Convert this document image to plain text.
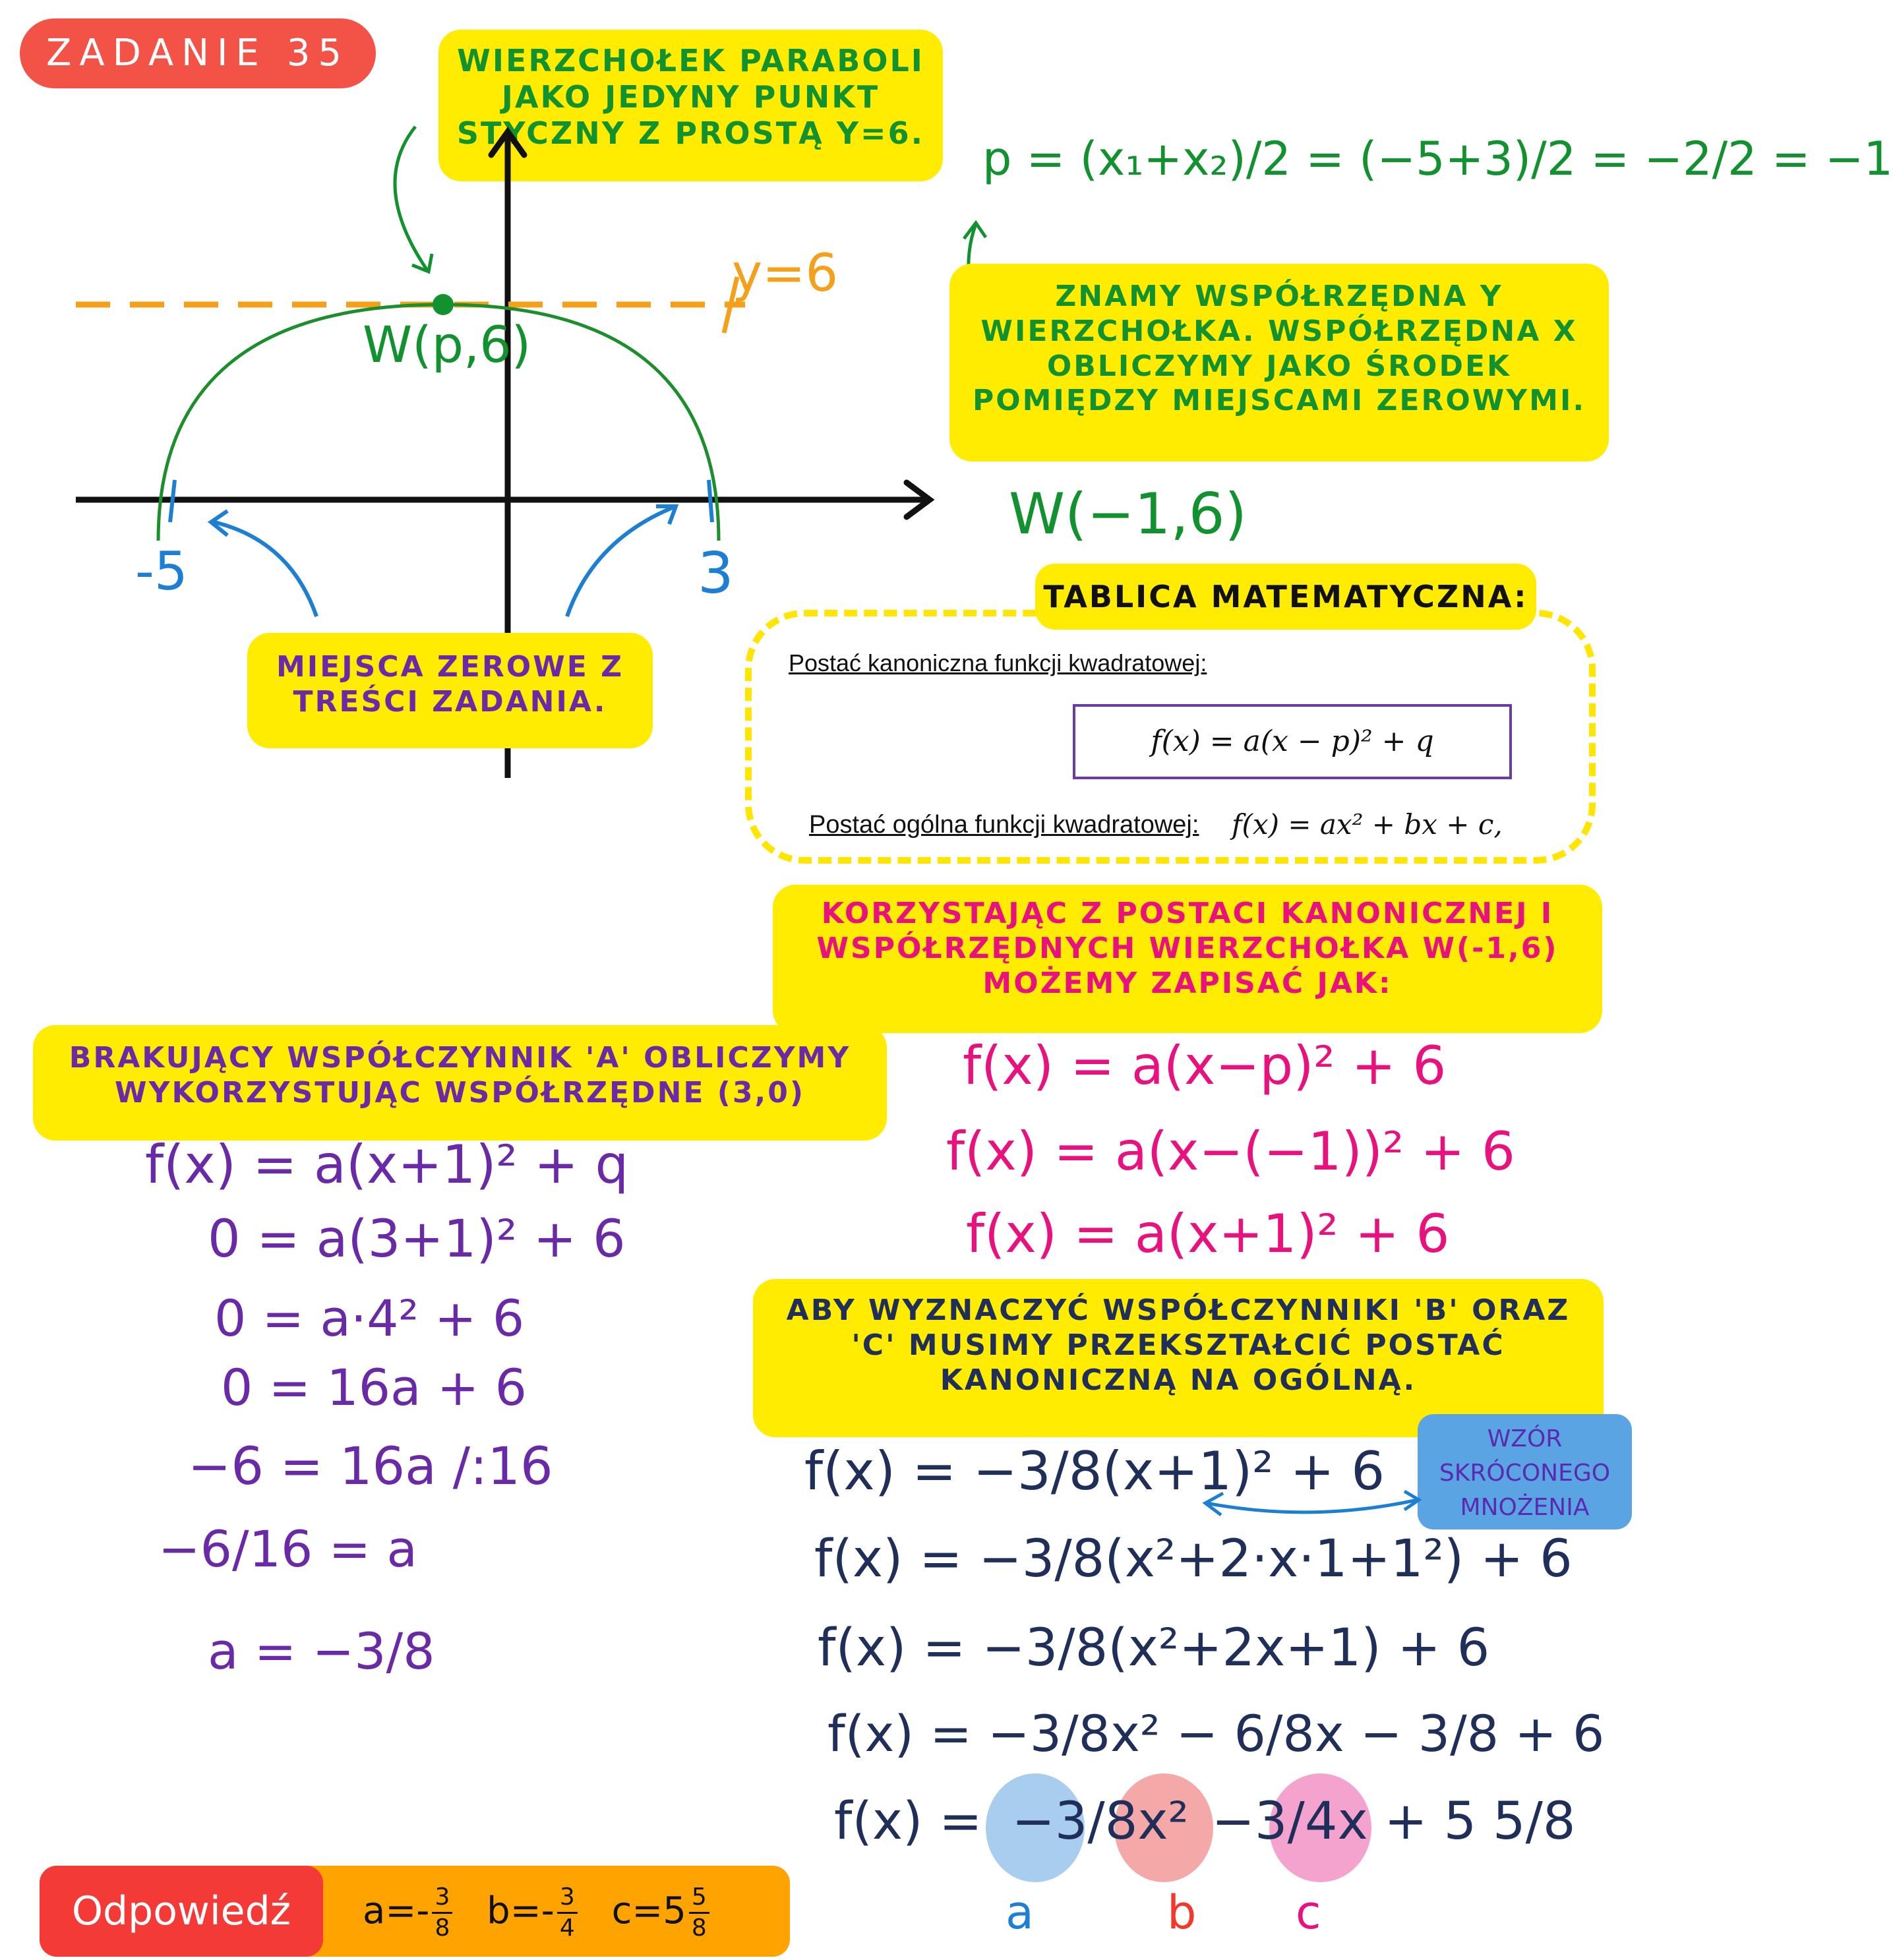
ZADANIE 35	WIERZCHOŁEK PARABOLI
JAKO JEDYNY PUNKT
STYCZNY Z PROSTĄ Y=6.
y=6
W(p,6)
-5	3
MIEJSCA ZEROWE Z
TREŚCI ZADANIA.
p = (x₁+x₂)/2 = (−5+3)/2 = −2/2 = −1
ZNAMY WSPÓŁRZĘDNA Y
WIERZCHOŁKA. WSPÓŁRZĘDNA X
OBLICZYMY JAKO ŚRODEK
POMIĘDZY MIEJSCAMI ZEROWYMI.
W(−1,6)
TABLICA MATEMATYCZNA:
Postać kanoniczna funkcji kwadratowej:
f(x) = a(x − p)² + q
Postać ogólna funkcji kwadratowej: f(x) = ax² + bx + c,
KORZYSTAJĄC Z POSTACI KANONICZNEJ I
WSPÓŁRZĘDNYCH WIERZCHOŁKA W(-1,6)
MOŻEMY ZAPISAĆ JAK:
f(x) = a(x−p)² + 6
f(x) = a(x−(−1))² + 6
f(x) = a(x+1)² + 6
BRAKUJĄCY WSPÓŁCZYNNIK 'A' OBLICZYMY
WYKORZYSTUJĄC WSPÓŁRZĘDNE (3,0)
f(x) = a(x+1)² + q
0 = a(3+1)² + 6
0 = a·4² + 6
0 = 16a + 6
−6 = 16a /:16
−6/16 = a
a = −3/8
ABY WYZNACZYĆ WSPÓŁCZYNNIKI 'B' ORAZ
'C' MUSIMY PRZEKSZTAŁCIĆ POSTAĆ
KANONICZNĄ NA OGÓLNĄ.
WZÓR
SKRÓCONEGO
MNOŻENIA
f(x) = −3/8(x+1)² + 6
f(x) = −3/8(x²+2·x·1+1²) + 6
f(x) = −3/8(x²+2x+1) + 6
f(x) = −3/8x² − 6/8x − 3/8 + 6
f(x) = −3/8x² −3/4x + 5 5/8
a	b c
Odpowiedź	$a=- \frac{3}{8} b=- \frac{3}{4} c=5 \frac{5}{8}$
